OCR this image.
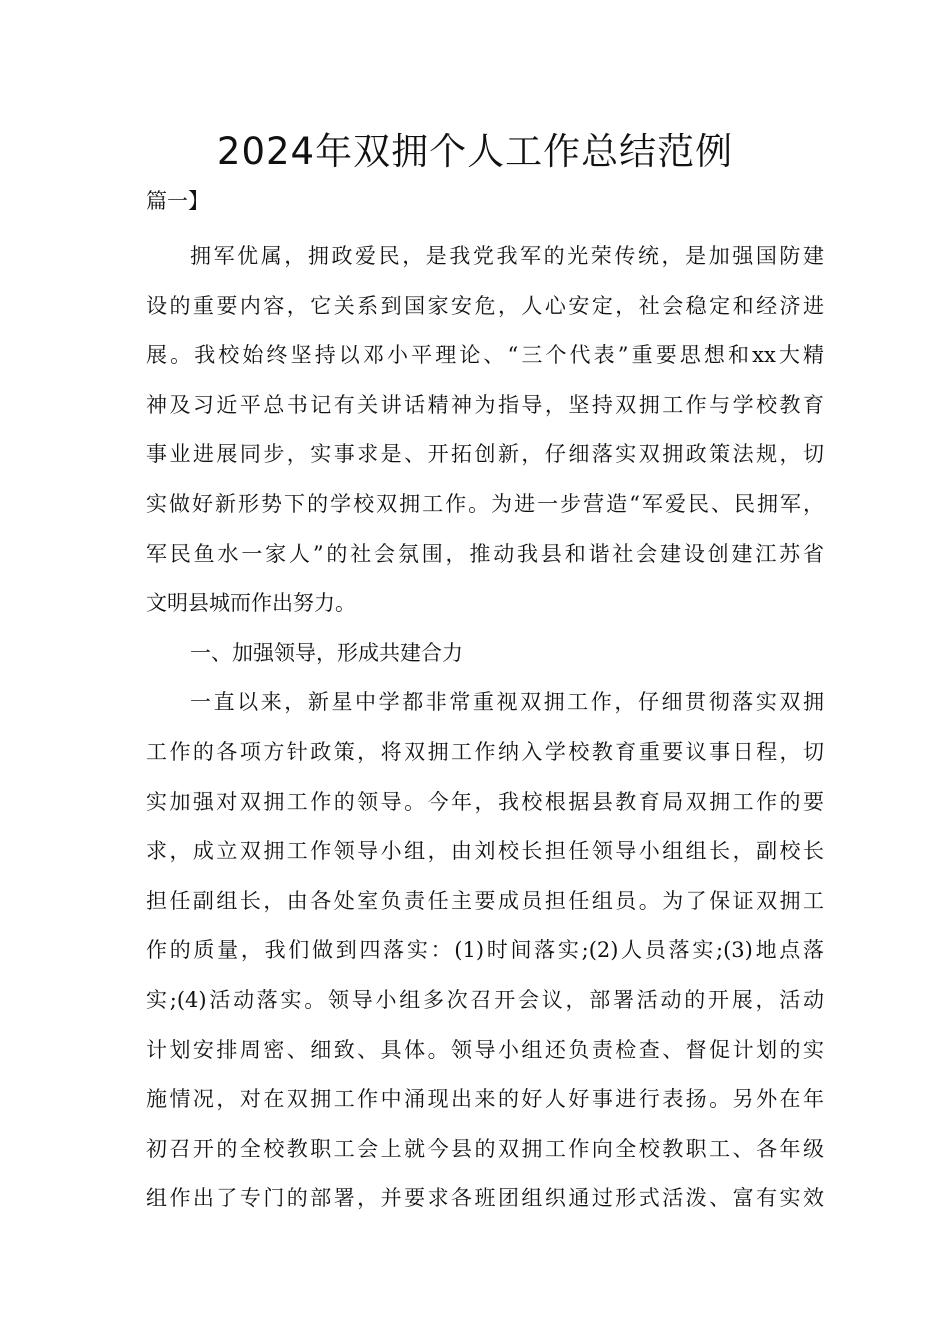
2024年双拥个人工作总结范例
篇一】
拥军优属，拥政爱民，是我党我军的光荣传统，是加强国防建
设的重要内容，它关系到国家安危，人心安定，社会稳定和经济进
展。我校始终坚持以邓小平理论、“三个代表”重要思想和xx大精
神及习近平总书记有关讲话精神为指导，坚持双拥工作与学校教育
事业进展同步，实事求是、开拓创新，仔细落实双拥政策法规，切
实做好新形势下的学校双拥工作。为进一步营造“军爱民、民拥军，
军民鱼水一家人”的社会氛围，推动我县和谐社会建设创建江苏省
文明县城而作出努力。
一、加强领导，形成共建合力
一直以来，新星中学都非常重视双拥工作，仔细贯彻落实双拥
工作的各项方针政策，将双拥工作纳入学校教育重要议事日程，切
实加强对双拥工作的领导。今年，我校根据县教育局双拥工作的要
求，成立双拥工作领导小组，由刘校长担任领导小组组长，副校长
担任副组长，由各处室负责任主要成员担任组员。为了保证双拥工
作的质量，我们做到四落实：(1)时间落实;(2)人员落实;(3)地点落
实;(4)活动落实。领导小组多次召开会议，部署活动的开展，活动
计划安排周密、细致、具体。领导小组还负责检查、督促计划的实
施情况，对在双拥工作中涌现出来的好人好事进行表扬。另外在年
初召开的全校教职工会上就今县的双拥工作向全校教职工、各年级
组作出了专门的部署，并要求各班团组织通过形式活泼、富有实效
